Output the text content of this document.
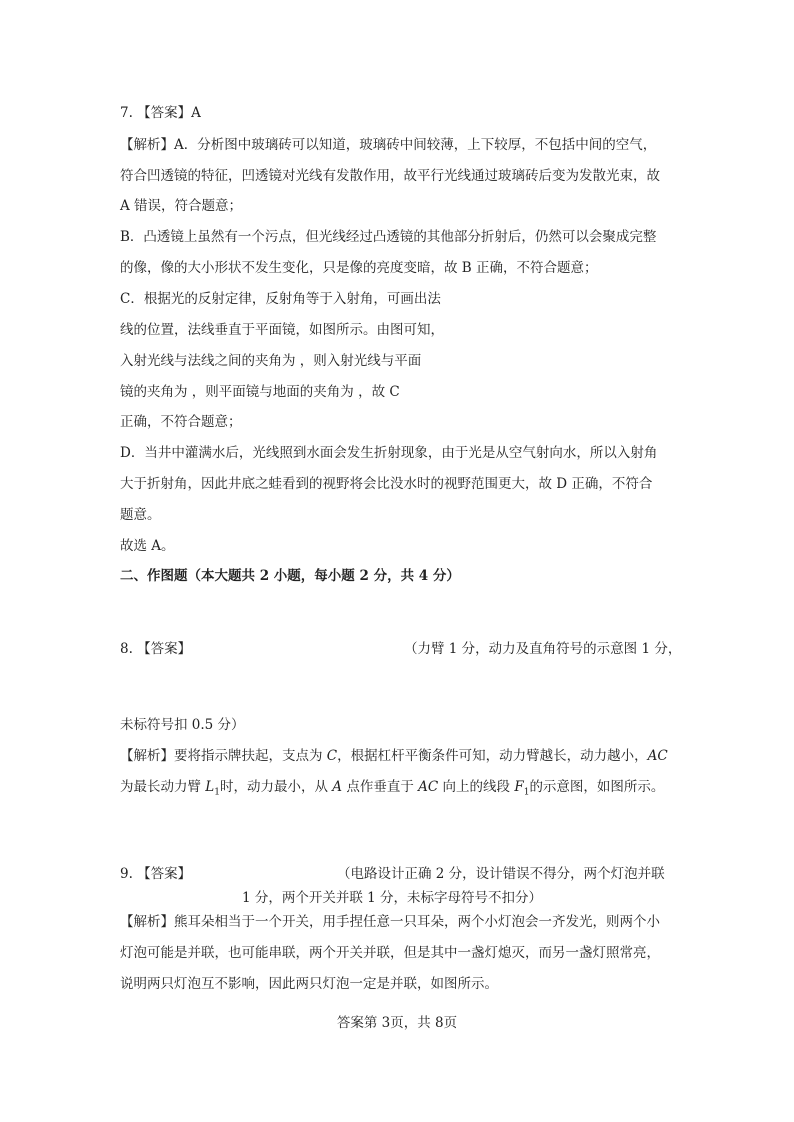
7. 【答案】A
【解析】A．分析图中玻璃砖可以知道，玻璃砖中间较薄，上下较厚，不包括中间的空气，
符合凹透镜的特征，凹透镜对光线有发散作用，故平行光线通过玻璃砖后变为发散光束，故
A 错误，符合题意；
B．凸透镜上虽然有一个污点，但光线经过凸透镜的其他部分折射后，仍然可以会聚成完整
的像，像的大小形状不发生变化，只是像的亮度变暗，故 B 正确，不符合题意；
C．根据光的反射定律，反射角等于入射角，可画出法
线的位置，法线垂直于平面镜，如图所示。由图可知，
入射光线与法线之间的夹角为 ，则入射光线与平面
镜的夹角为 ，则平面镜与地面的夹角为 ，故 C
正确，不符合题意；
D．当井中灌满水后，光线照到水面会发生折射现象，由于光是从空气射向水，所以入射角
大于折射角，因此井底之蛙看到的视野将会比没水时的视野范围更大，故 D 正确，不符合
题意。
故选 A。
二、作图题（本大题共 2 小题，每小题 2 分，共 4 分）
8. 【答案】	（力臂 1 分，动力及直角符号的示意图 1 分，
未标符号扣 0.5 分）
【解析】要将指示牌扶起，支点为 C，根据杠杆平衡条件可知，动力臂越长，动力越小，AC
为最长动力臂 $L_1$时，动力最小，从 A 点作垂直于 AC 向上的线段 $F_1$的示意图，如图所示。
9. 【答案】	（电路设计正确 2 分，设计错误不得分，两个灯泡并联
1 分，两个开关并联 1 分，未标字母符号不扣分）
【解析】熊耳朵相当于一个开关，用手捏任意一只耳朵，两个小灯泡会一齐发光，则两个小
灯泡可能是并联，也可能串联，两个开关并联，但是其中一盏灯熄灭，而另一盏灯照常亮，
说明两只灯泡互不影响，因此两只灯泡一定是并联，如图所示。
答案第 3页，共 8页
